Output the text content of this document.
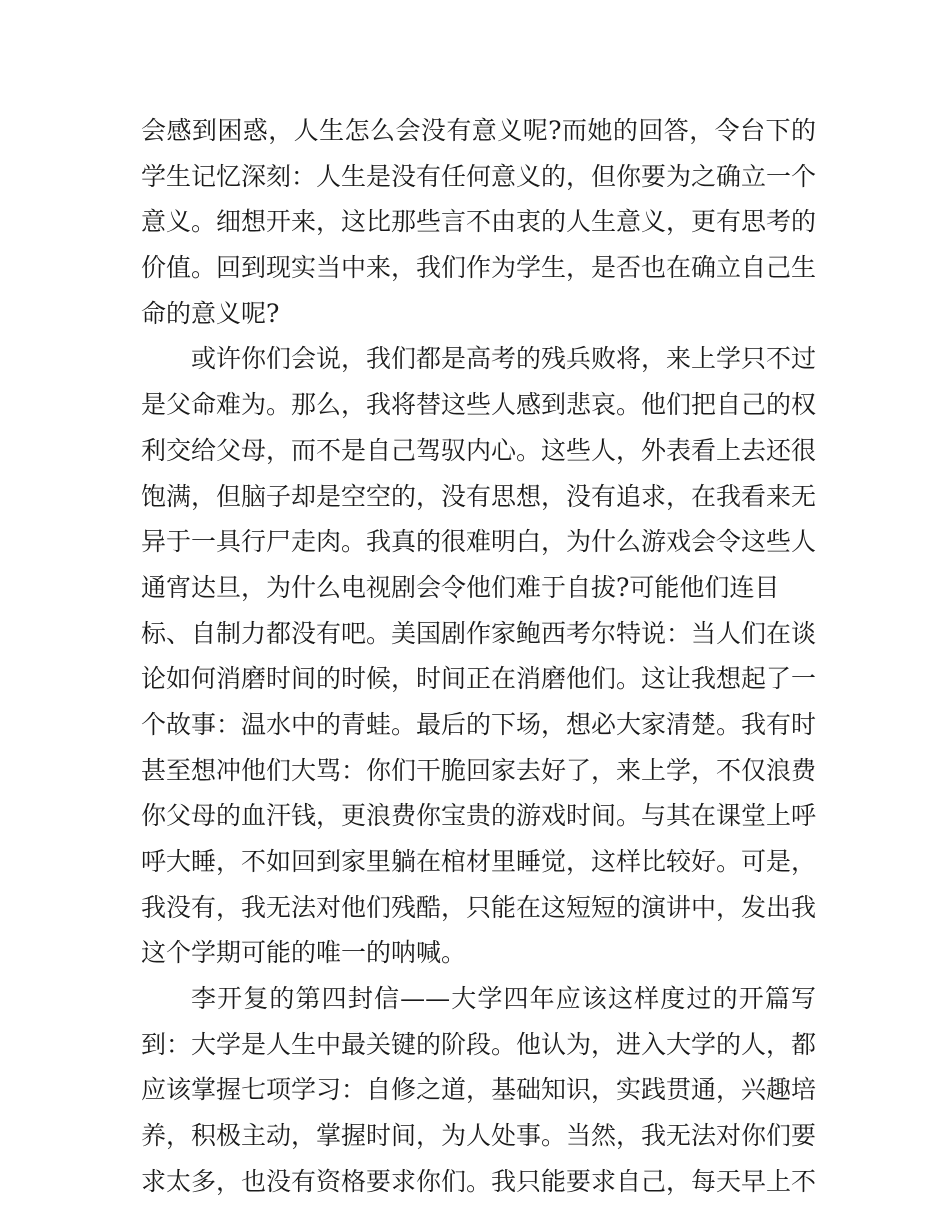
会感到困惑，人生怎么会没有意义呢?而她的回答，令台下的
学生记忆深刻：人生是没有任何意义的，但你要为之确立一个
意义。细想开来，这比那些言不由衷的人生意义，更有思考的
价值。回到现实当中来，我们作为学生，是否也在确立自己生
命的意义呢?
或许你们会说，我们都是高考的残兵败将，来上学只不过
是父命难为。那么，我将替这些人感到悲哀。他们把自己的权
利交给父母，而不是自己驾驭内心。这些人，外表看上去还很
饱满，但脑子却是空空的，没有思想，没有追求，在我看来无
异于一具行尸走肉。我真的很难明白，为什么游戏会令这些人
通宵达旦，为什么电视剧会令他们难于自拔?可能他们连目
标、自制力都没有吧。美国剧作家鲍西考尔特说：当人们在谈
论如何消磨时间的时候，时间正在消磨他们。这让我想起了一
个故事：温水中的青蛙。最后的下场，想必大家清楚。我有时
甚至想冲他们大骂：你们干脆回家去好了，来上学，不仅浪费
你父母的血汗钱，更浪费你宝贵的游戏时间。与其在课堂上呼
呼大睡，不如回到家里躺在棺材里睡觉，这样比较好。可是，
我没有，我无法对他们残酷，只能在这短短的演讲中，发出我
这个学期可能的唯一的呐喊。
李开复的第四封信——大学四年应该这样度过的开篇写
到：大学是人生中最关键的阶段。他认为，进入大学的人，都
应该掌握七项学习：自修之道，基础知识，实践贯通，兴趣培
养，积极主动，掌握时间，为人处事。当然，我无法对你们要
求太多，也没有资格要求你们。我只能要求自己，每天早上不
